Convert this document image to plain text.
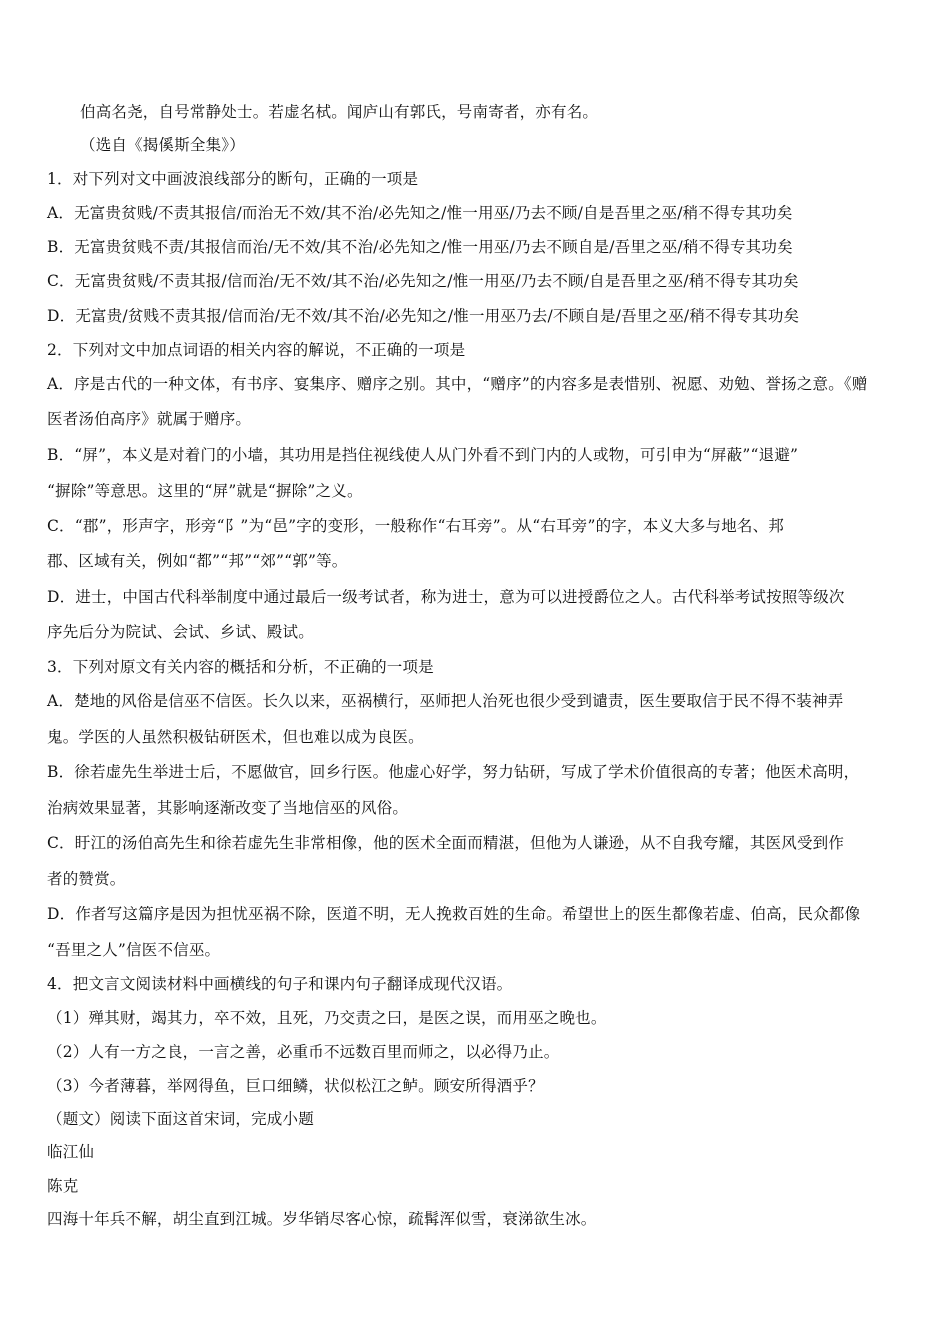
伯高名尧，自号常静处士。若虚名栻。闻庐山有郭氏，号南寄者，亦有名。
（选自《揭傒斯全集》）
1．对下列对文中画波浪线部分的断句，正确的一项是
A．无富贵贫贱/不责其报信/而治无不效/其不治/必先知之/惟一用巫/乃去不顾/自是吾里之巫/稍不得专其功矣
B．无富贵贫贱不责/其报信而治/无不效/其不治/必先知之/惟一用巫/乃去不顾自是/吾里之巫/稍不得专其功矣
C．无富贵贫贱/不责其报/信而治/无不效/其不治/必先知之/惟一用巫/乃去不顾/自是吾里之巫/稍不得专其功矣
D．无富贵/贫贱不责其报/信而治/无不效/其不治/必先知之/惟一用巫乃去/不顾自是/吾里之巫/稍不得专其功矣
2．下列对文中加点词语的相关内容的解说，不正确的一项是
A．序是古代的一种文体，有书序、宴集序、赠序之别。其中，“赠序”的内容多是表惜别、祝愿、劝勉、誉扬之意。《赠
医者汤伯高序》就属于赠序。
B．“屏”，本义是对着门的小墙，其功用是挡住视线使人从门外看不到门内的人或物，可引申为“屏蔽”“退避”
“摒除”等意思。这里的“屏”就是“摒除”之义。
C．“郡”，形声字，形旁“阝”为“邑”字的变形，一般称作“右耳旁”。从“右耳旁”的字，本义大多与地名、邦
郡、区域有关，例如“都”“邦”“郊”“郭”等。
D．进士，中国古代科举制度中通过最后一级考试者，称为进士，意为可以进授爵位之人。古代科举考试按照等级次
序先后分为院试、会试、乡试、殿试。
3．下列对原文有关内容的概括和分析，不正确的一项是
A．楚地的风俗是信巫不信医。长久以来，巫祸横行，巫师把人治死也很少受到谴责，医生要取信于民不得不装神弄
鬼。学医的人虽然积极钻研医术，但也难以成为良医。
B．徐若虚先生举进士后，不愿做官，回乡行医。他虚心好学，努力钻研，写成了学术价值很高的专著；他医术高明，
治病效果显著，其影响逐渐改变了当地信巫的风俗。
C．盱江的汤伯高先生和徐若虚先生非常相像，他的医术全面而精湛，但他为人谦逊，从不自我夸耀，其医风受到作
者的赞赏。
D．作者写这篇序是因为担忧巫祸不除，医道不明，无人挽救百姓的生命。希望世上的医生都像若虚、伯高，民众都像
“吾里之人”信医不信巫。
4．把文言文阅读材料中画横线的句子和课内句子翻译成现代汉语。
（1）殚其财，竭其力，卒不效，且死，乃交责之曰，是医之误，而用巫之晚也。
（2）人有一方之良，一言之善，必重币不远数百里而师之，以必得乃止。
（3）今者薄暮，举网得鱼，巨口细鳞，状似松江之鲈。顾安所得酒乎？
（题文）阅读下面这首宋词，完成小题
临江仙
陈克
四海十年兵不解，胡尘直到江城。岁华销尽客心惊，疏髯浑似雪，衰涕欲生冰。
